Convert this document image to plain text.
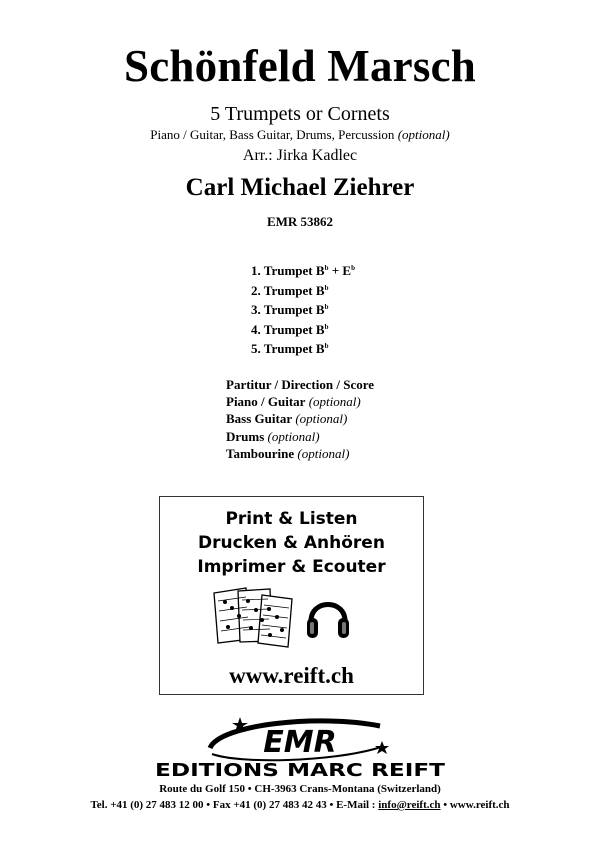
Schönfeld Marsch
5 Trumpets or Cornets
Piano / Guitar, Bass Guitar, Drums, Percussion (optional)
Arr.: Jirka Kadlec
Carl Michael Ziehrer
EMR 53862
1. Trumpet $B^b + E^b$
2. Trumpet $B^b$
3. Trumpet $B^b$
4. Trumpet $B^b$
5. Trumpet $B^b$
Partitur / Direction / Score
Piano / Guitar (optional)
Bass Guitar (optional)
Drums (optional)
Tambourine (optional)
Print & Listen
Drucken & Anhören
Imprimer & Ecouter
www.reift.ch
EMR
EDITIONS MARC REIFT
Route du Golf 150 • CH-3963 Crans-Montana (Switzerland)
Tel. +41 (0) 27 483 12 00 • Fax +41 (0) 27 483 42 43 • E-Mail : info@reift.ch • www.reift.ch
